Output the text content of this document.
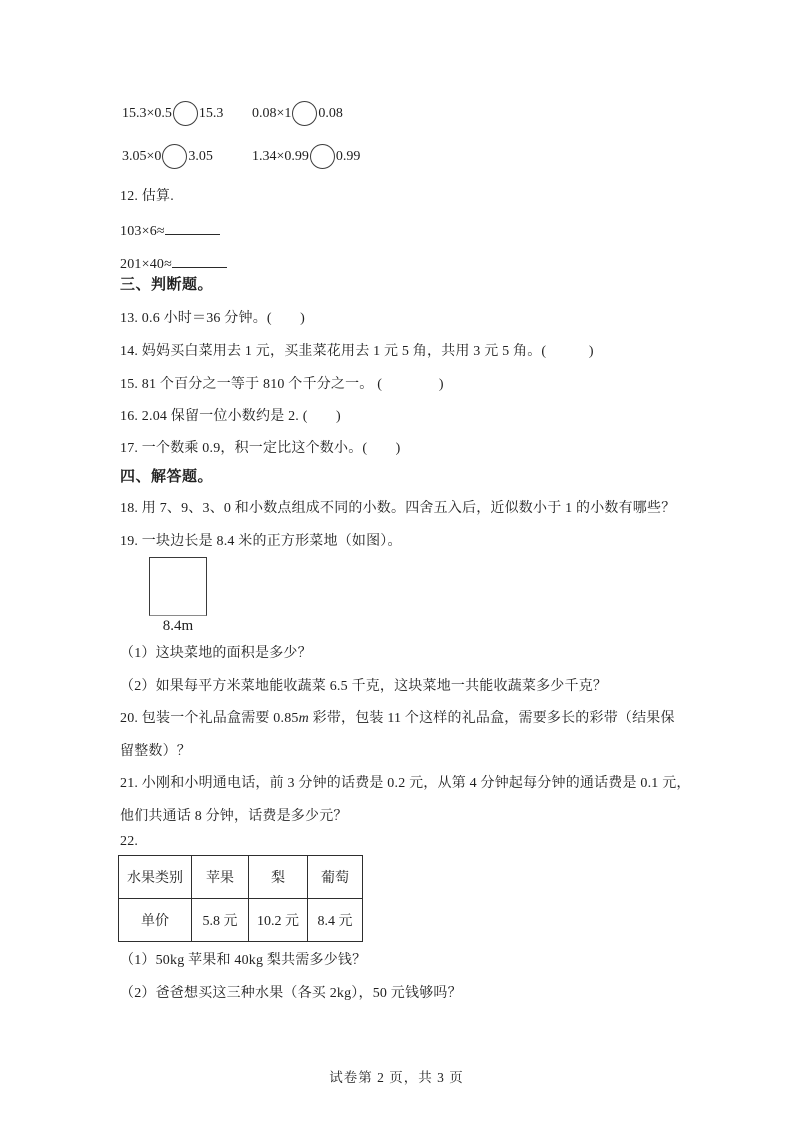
15.3×0.5 15.3 0.08×1 0.08
3.05×0 3.05	1.34×0.99 0.99
12. 估算.
103×6≈
201×40≈
三、判断题。
13. 0.6 小时＝36 分钟。(　　)
14. 妈妈买白菜用去 1 元，买韭菜花用去 1 元 5 角，共用 3 元 5 角。(　　　)
15. 81 个百分之一等于 810 个千分之一。 (　　　　)
16. 2.04 保留一位小数约是 2. (　　)
17. 一个数乘 0.9，积一定比这个数小。(　　)
四、解答题。
18. 用 7、9、3、0 和小数点组成不同的小数。四舍五入后，近似数小于 1 的小数有哪些？
19. 一块边长是 8.4 米的正方形菜地（如图）。
8.4m
（1）这块菜地的面积是多少？
（2）如果每平方米菜地能收蔬菜 6.5 千克，这块菜地一共能收蔬菜多少千克？
20. 包装一个礼品盒需要 0.85m 彩带，包装 11 个这样的礼品盒，需要多长的彩带（结果保
留整数）？
21. 小刚和小明通电话，前 3 分钟的话费是 0.2 元，从第 4 分钟起每分钟的通话费是 0.1 元，
他们共通话 8 分钟，话费是多少元？
22.
水果类别	苹果	梨	葡萄
单价	5.8 元	10.2 元	8.4 元
（1）50kg 苹果和 40kg 梨共需多少钱？
（2）爸爸想买这三种水果（各买 2kg），50 元钱够吗？
试卷第 2 页，共 3 页
